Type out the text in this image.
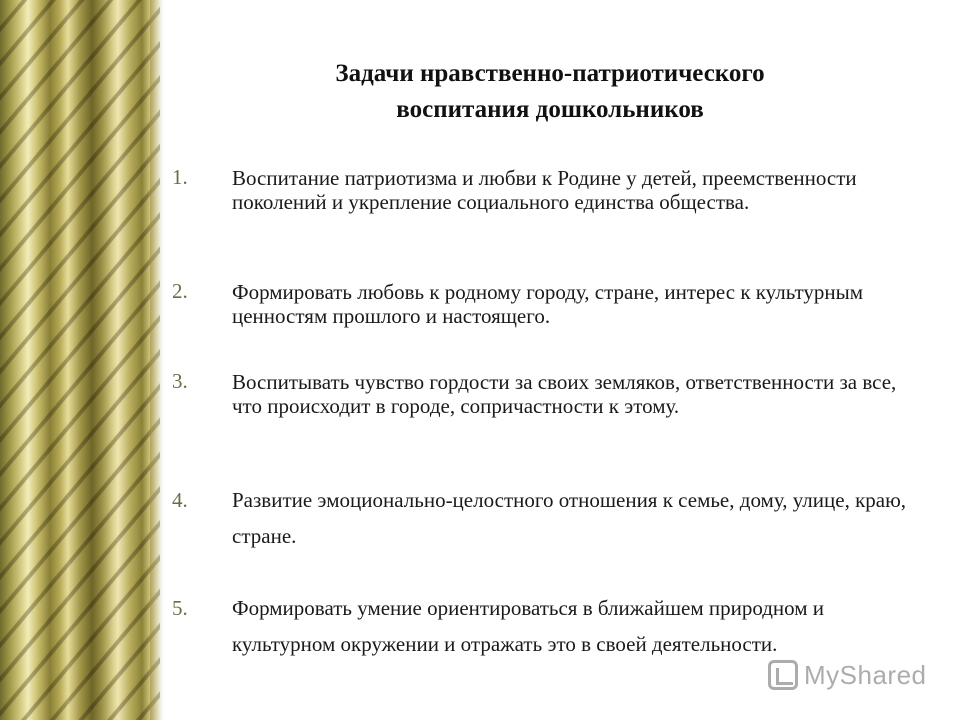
Задачи нравственно-патриотического
воспитания дошкольников
1.	Воспитание патриотизма и любви к Родине у детей, преемственности поколений и укрепление социального единства общества.
2.	Формировать любовь к родному городу, стране, интерес к культурным ценностям прошлого и настоящего.
3.	Воспитывать чувство гордости за своих земляков, ответственности за все, что происходит в городе, сопричастности к этому.
4.	Развитие эмоционально-целостного отношения к семье, дому, улице, краю, стране.
5.	Формировать умение ориентироваться в ближайшем природном и культурном окружении и отражать это в своей деятельности.
MyShared
